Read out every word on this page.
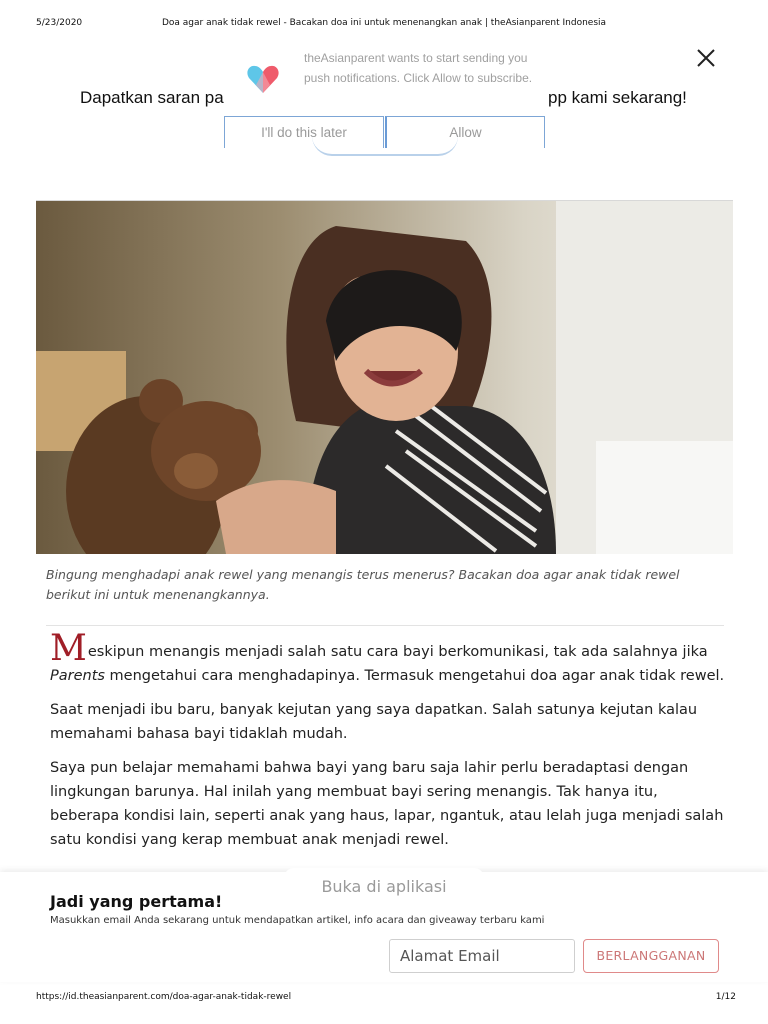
5/23/2020	Doa agar anak tidak rewel - Bacakan doa ini untuk menenangkan anak | theAsianparent Indonesia
Dapatkan saran pa	pp kami sekarang!
theAsianparent wants to start sending you push notifications. Click Allow to subscribe.
I'll do this later	Allow
Bingung menghadapi anak rewel yang menangis terus menerus? Bacakan doa agar anak tidak rewel berikut ini untuk menenangkannya.

Meskipun menangis menjadi salah satu cara bayi berkomunikasi, tak ada salahnya jika Parents mengetahui cara menghadapinya. Termasuk mengetahui doa agar anak tidak rewel.

Saat menjadi ibu baru, banyak kejutan yang saya dapatkan. Salah satunya kejutan kalau memahami bahasa bayi tidaklah mudah.

Saya pun belajar memahami bahwa bayi yang baru saja lahir perlu beradaptasi dengan lingkungan barunya. Hal inilah yang membuat bayi sering menangis. Tak hanya itu, beberapa kondisi lain, seperti anak yang haus, lapar, ngantuk, atau lelah juga menjadi salah satu kondisi yang kerap membuat anak menjadi rewel.

Buka di aplikasi
Jadi yang pertama!
Masukkan email Anda sekarang untuk mendapatkan artikel, info acara dan giveaway terbaru kami
Alamat Email
BERLANGGANAN
https://id.theasianparent.com/doa-agar-anak-tidak-rewel	1/12
